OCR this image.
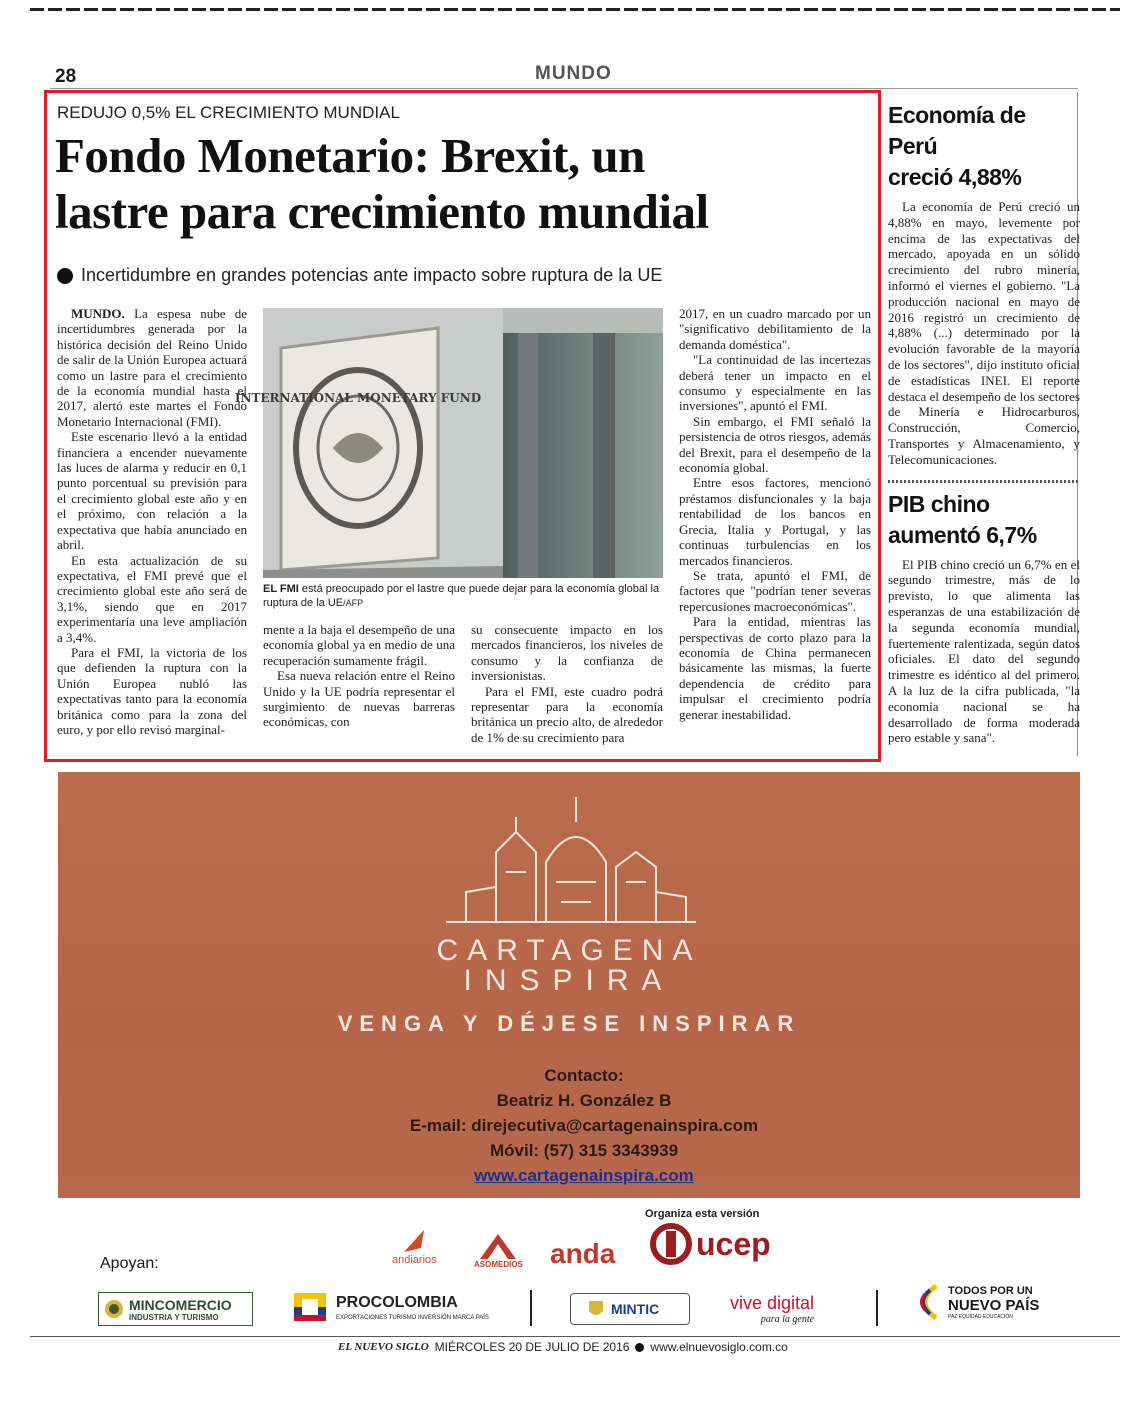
28	MUNDO
REDUJO 0,5% EL CRECIMIENTO MUNDIAL
Fondo Monetario: Brexit, un
lastre para crecimiento mundial
Incertidumbre en grandes potencias ante impacto sobre ruptura de la UE

MUNDO. La espesa nube de incertidumbres generada por la histórica decisión del Reino Unido de salir de la Unión Europea actuará como un lastre para el crecimiento de la economía mundial hasta el 2017, alertó este martes el Fondo Monetario Internacional (FMI).

Este escenario llevó a la entidad financiera a encender nuevamente las luces de alarma y reducir en 0,1 punto porcentual su previsión para el crecimiento global este año y en el próximo, con relación a la expectativa que había anunciado en abril.

En esta actualización de su expectativa, el FMI prevé que el crecimiento global este año será de 3,1%, siendo que en 2017 experimentaría una leve ampliación a 3,4%.

Para el FMI, la victoria de los que defienden la ruptura con la Unión Europea nubló las expectativas tanto para la economía británica como para la zona del euro, y por ello revisó marginal-

INTERNATIONAL MONETARY FUND
EL FMI está preocupado por el lastre que puede dejar para la economía global la ruptura de la UE/AFP

mente a la baja el desempeño de una economía global ya en medio de una recuperación sumamente frágil.

Esa nueva relación entre el Reino Unido y la UE podría representar el surgimiento de nuevas barreras económicas, con

su consecuente impacto en los mercados financieros, los niveles de consumo y la confianza de inversionistas.

Para el FMI, este cuadro podrá representar para la economía británica un precio alto, de alrededor de 1% de su crecimiento para

2017, en un cuadro marcado por un "significativo debilitamiento de la demanda doméstica".

"La continuidad de las incertezas deberá tener un impacto en el consumo y especialmente en las inversiones", apuntó el FMI.

Sin embargo, el FMI señaló la persistencia de otros riesgos, además del Brexit, para el desempeño de la economía global.

Entre esos factores, mencionó préstamos disfuncionales y la baja rentabilidad de los bancos en Grecia, Italia y Portugal, y las continuas turbulencias en los mercados financieros.

Se trata, apuntó el FMI, de factores que "podrían tener severas repercusiones macroeconómicas".

Para la entidad, mientras las perspectivas de corto plazo para la economía de China permanecen básicamente las mismas, la fuerte dependencia de crédito para impulsar el crecimiento podría generar inestabilidad.

Economía de Perú
creció 4,88%

La economía de Perú creció un 4,88% en mayo, levemente por encima de las expectativas del mercado, apoyada en un sólido crecimiento del rubro minería, informó el viernes el gobierno. "La producción nacional en mayo de 2016 registró un crecimiento de 4,88% (...) determinado por la evolución favorable de la mayoría de los sectores", dijo instituto oficial de estadísticas INEI. El reporte destaca el desempeño de los sectores de Minería e Hidrocarburos, Construcción, Comercio, Transportes y Almacenamiento, y Telecomunicaciones.

PIB chino
aumentó 6,7%

El PIB chino creció un 6,7% en el segundo trimestre, más de lo previsto, lo que alimenta las esperanzas de una estabilización de la segunda economía mundial, fuertemente ralentizada, según datos oficiales. El dato del segundo trimestre es idéntico al del primero. A la luz de la cifra publicada, "la economía nacional se ha desarrollado de forma moderada pero estable y sana".

CARTAGENA
INSPIRA
VENGA Y DÉJESE INSPIRAR
Contacto:
Beatriz H. González B
E-mail: direjecutiva@cartagenainspira.com
Móvil: (57) 315 3343939
www.cartagenainspira.com
Organiza esta versión
Apoyan:	andiarios	ASOMEDIOS anda	ucep
MINCOMERCIO
INDUSTRIA Y TURISMO
PROCOLOMBIA
EXPORTACIONES TURISMO INVERSIÓN MARCA PAÍS
MINTIC	vive digital
para la gente
TODOS POR UN
NUEVO PAÍS
PAZ EQUIDAD EDUCACIÓN
EL NUEVO SIGLO MIÉRCOLES 20 DE JULIO DE 2016 www.elnuevosiglo.com.co
